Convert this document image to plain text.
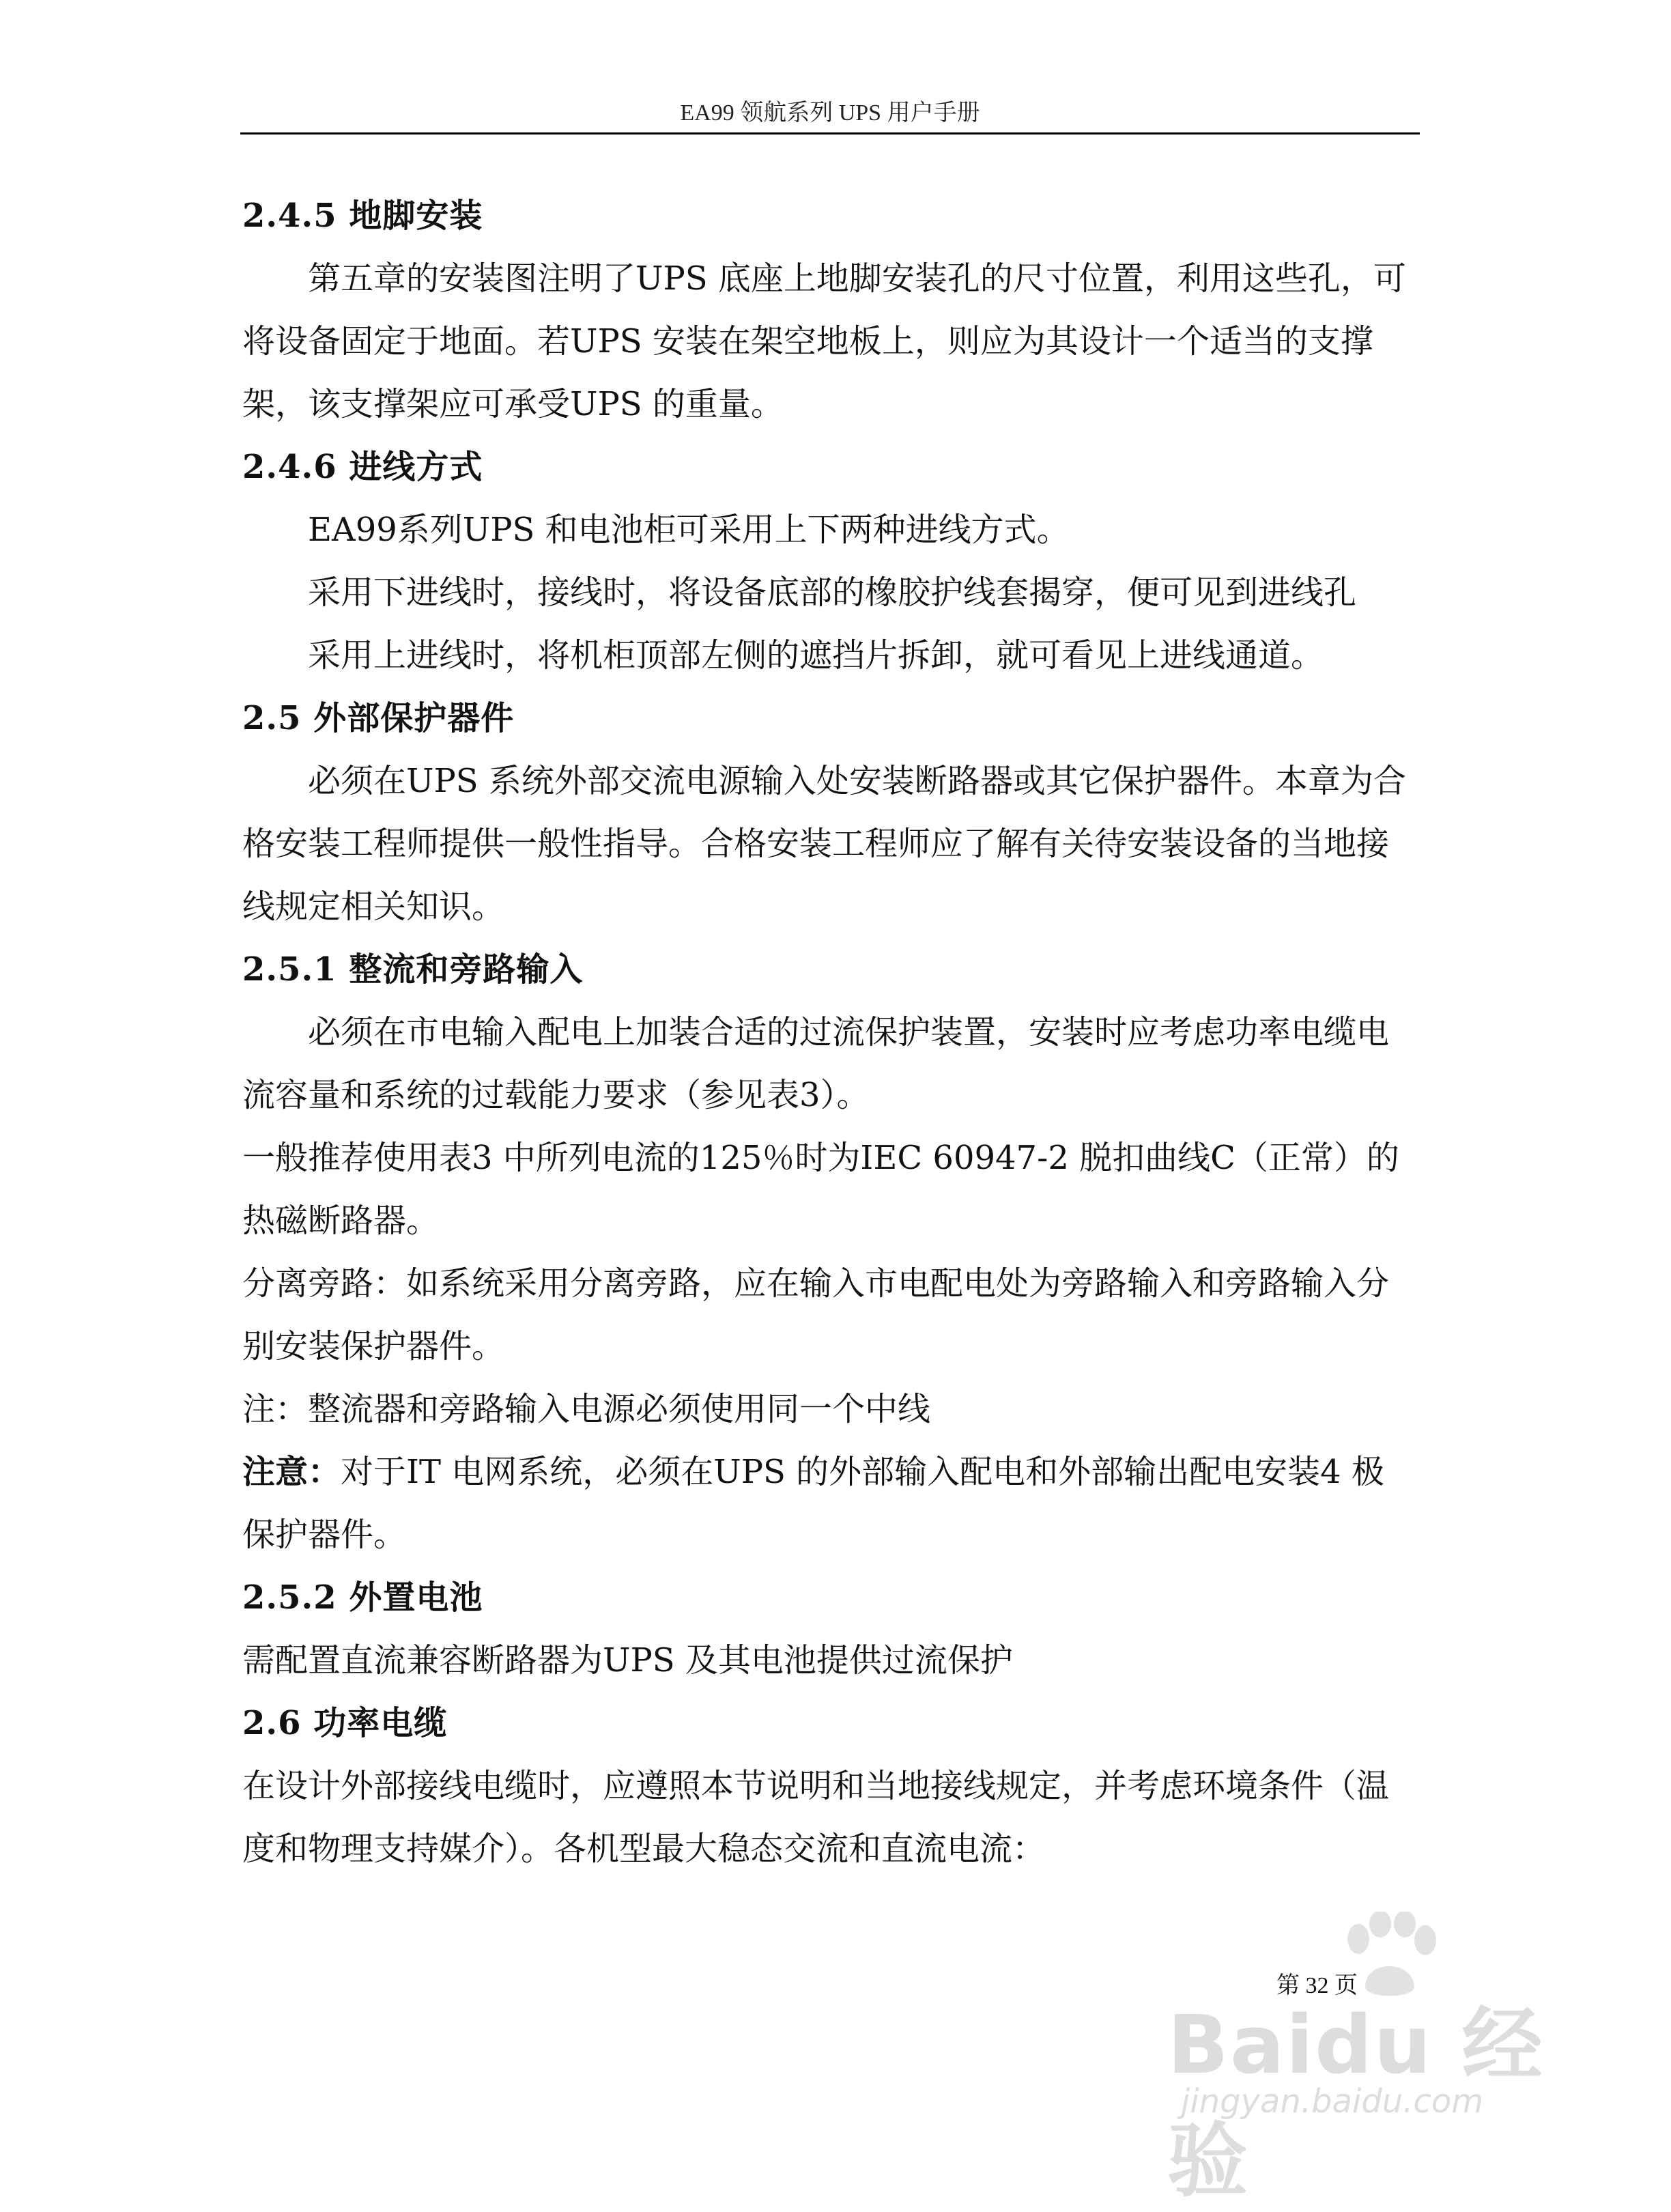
EA99 领航系列 UPS 用户手册

2.4.5 地脚安装

第五章的安装图注明了UPS 底座上地脚安装孔的尺寸位置，利用这些孔，可将设备固定于地面。若UPS 安装在架空地板上，则应为其设计一个适当的支撑架，该支撑架应可承受UPS 的重量。

2.4.6 进线方式

EA99系列UPS 和电池柜可采用上下两种进线方式。

采用下进线时，接线时，将设备底部的橡胶护线套揭穿，便可见到进线孔

采用上进线时，将机柜顶部左侧的遮挡片拆卸，就可看见上进线通道。

2.5 外部保护器件

必须在UPS 系统外部交流电源输入处安装断路器或其它保护器件。本章为合格安装工程师提供一般性指导。合格安装工程师应了解有关待安装设备的当地接线规定相关知识。

2.5.1 整流和旁路输入

必须在市电输入配电上加装合适的过流保护装置，安装时应考虑功率电缆电流容量和系统的过载能力要求（参见表3）。

一般推荐使用表3 中所列电流的125％时为IEC 60947-2 脱扣曲线C（正常）的热磁断路器。

分离旁路：如系统采用分离旁路，应在输入市电配电处为旁路输入和旁路输入分别安装保护器件。

注：整流器和旁路输入电源必须使用同一个中线

注意：对于IT 电网系统，必须在UPS 的外部输入配电和外部输出配电安装4 极保护器件。

2.5.2 外置电池

需配置直流兼容断路器为UPS 及其电池提供过流保护

2.6 功率电缆

在设计外部接线电缆时，应遵照本节说明和当地接线规定，并考虑环境条件（温度和物理支持媒介）。各机型最大稳态交流和直流电流：

Baidu 经验
jingyan.baidu.com
第 32 页
